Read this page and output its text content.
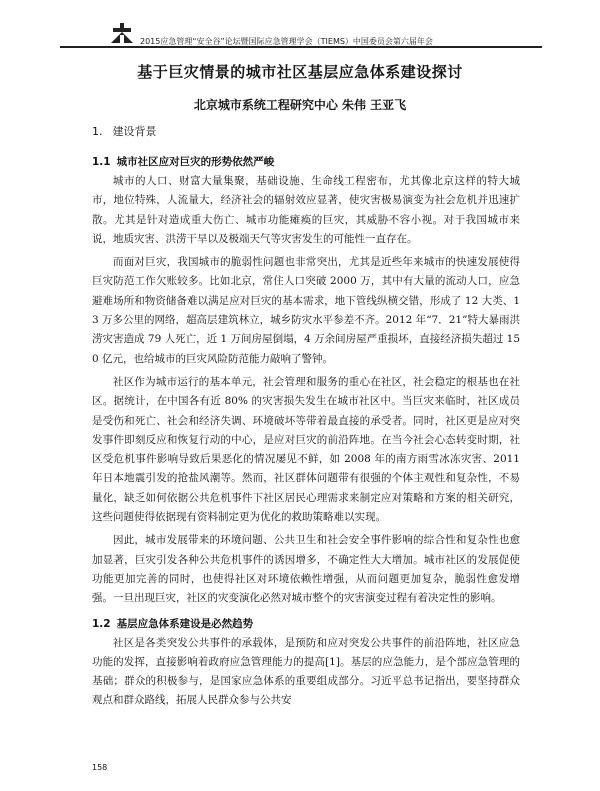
2015应急管理“安全谷”论坛暨国际应急管理学会（TIEMS）中国委员会第六届年会
基于巨灾情景的城市社区基层应急体系建设探讨
北京城市系统工程研究中心 朱伟 王亚飞
1. 建设背景
1.1 城市社区应对巨灾的形势依然严峻

城市的人口、财富大量集聚，基础设施、生命线工程密布，尤其像北京这样的特大城市，地位特殊，人流量大，经济社会的辐射效应显著，使灾害极易演变为社会危机并迅速扩散。尤其是针对造成重大伤亡、城市功能瘫痪的巨灾，其威胁不容小视。对于我国城市来说，地质灾害、洪涝干旱以及极端天气等灾害发生的可能性一直存在。

而面对巨灾，我国城市的脆弱性问题也非常突出，尤其是近些年来城市的快速发展使得巨灾防范工作欠账较多。比如北京，常住人口突破 2000 万，其中有大量的流动人口，应急避难场所和物资储备难以满足应对巨灾的基本需求，地下管线纵横交错，形成了 12 大类、13 万多公里的网络，超高层建筑林立，城乡防灾水平参差不齐。2012 年“7．21”特大暴雨洪涝灾害造成 79 人死亡，近 1 万间房屋倒塌，4 万余间房屋严重损坏，直接经济损失超过 150 亿元，也给城市的巨灾风险防范能力敲响了警钟。

社区作为城市运行的基本单元，社会管理和服务的重心在社区，社会稳定的根基也在社区。据统计，在中国各有近 80% 的灾害损失发生在城市社区中。当巨灾来临时，社区成员是受伤和死亡、社会和经济失调、环境破坏等带着最直接的承受者。同时，社区更是应对突发事件即刻反应和恢复行动的中心，是应对巨灾的前沿阵地。在当今社会心态转变时期，社区受危机事件影响导致后果恶化的情况屡见不鲜，如 2008 年的南方雨雪冰冻灾害、2011 年日本地震引发的抢盐风潮等。然而，社区群体问题带有很强的个体主观性和复杂性，不易量化，缺乏如何依据公共危机事件下社区居民心理需求来制定应对策略和方案的相关研究，这些问题使得依据现有资料制定更为优化的救助策略难以实现。

因此，城市发展带来的环境问题、公共卫生和社会安全事件影响的综合性和复杂性也愈加显著，巨灾引发各种公共危机事件的诱因增多，不确定性大大增加。城市社区的发展促使功能更加完善的同时，也使得社区对环境依赖性增强，从而问题更加复杂，脆弱性愈发增强。一旦出现巨灾，社区的灾变演化必然对城市整个的灾害演变过程有着决定性的影响。

1.2 基层应急体系建设是必然趋势

社区是各类突发公共事件的承载体，是预防和应对突发公共事件的前沿阵地，社区应急功能的发挥，直接影响着政府应急管理能力的提高[1]。基层的应急能力，是个部应急管理的基础；群众的积极参与，是国家应急体系的重要组成部分。习近平总书记指出，要坚持群众观点和群众路线，拓展人民群众参与公共安

158
